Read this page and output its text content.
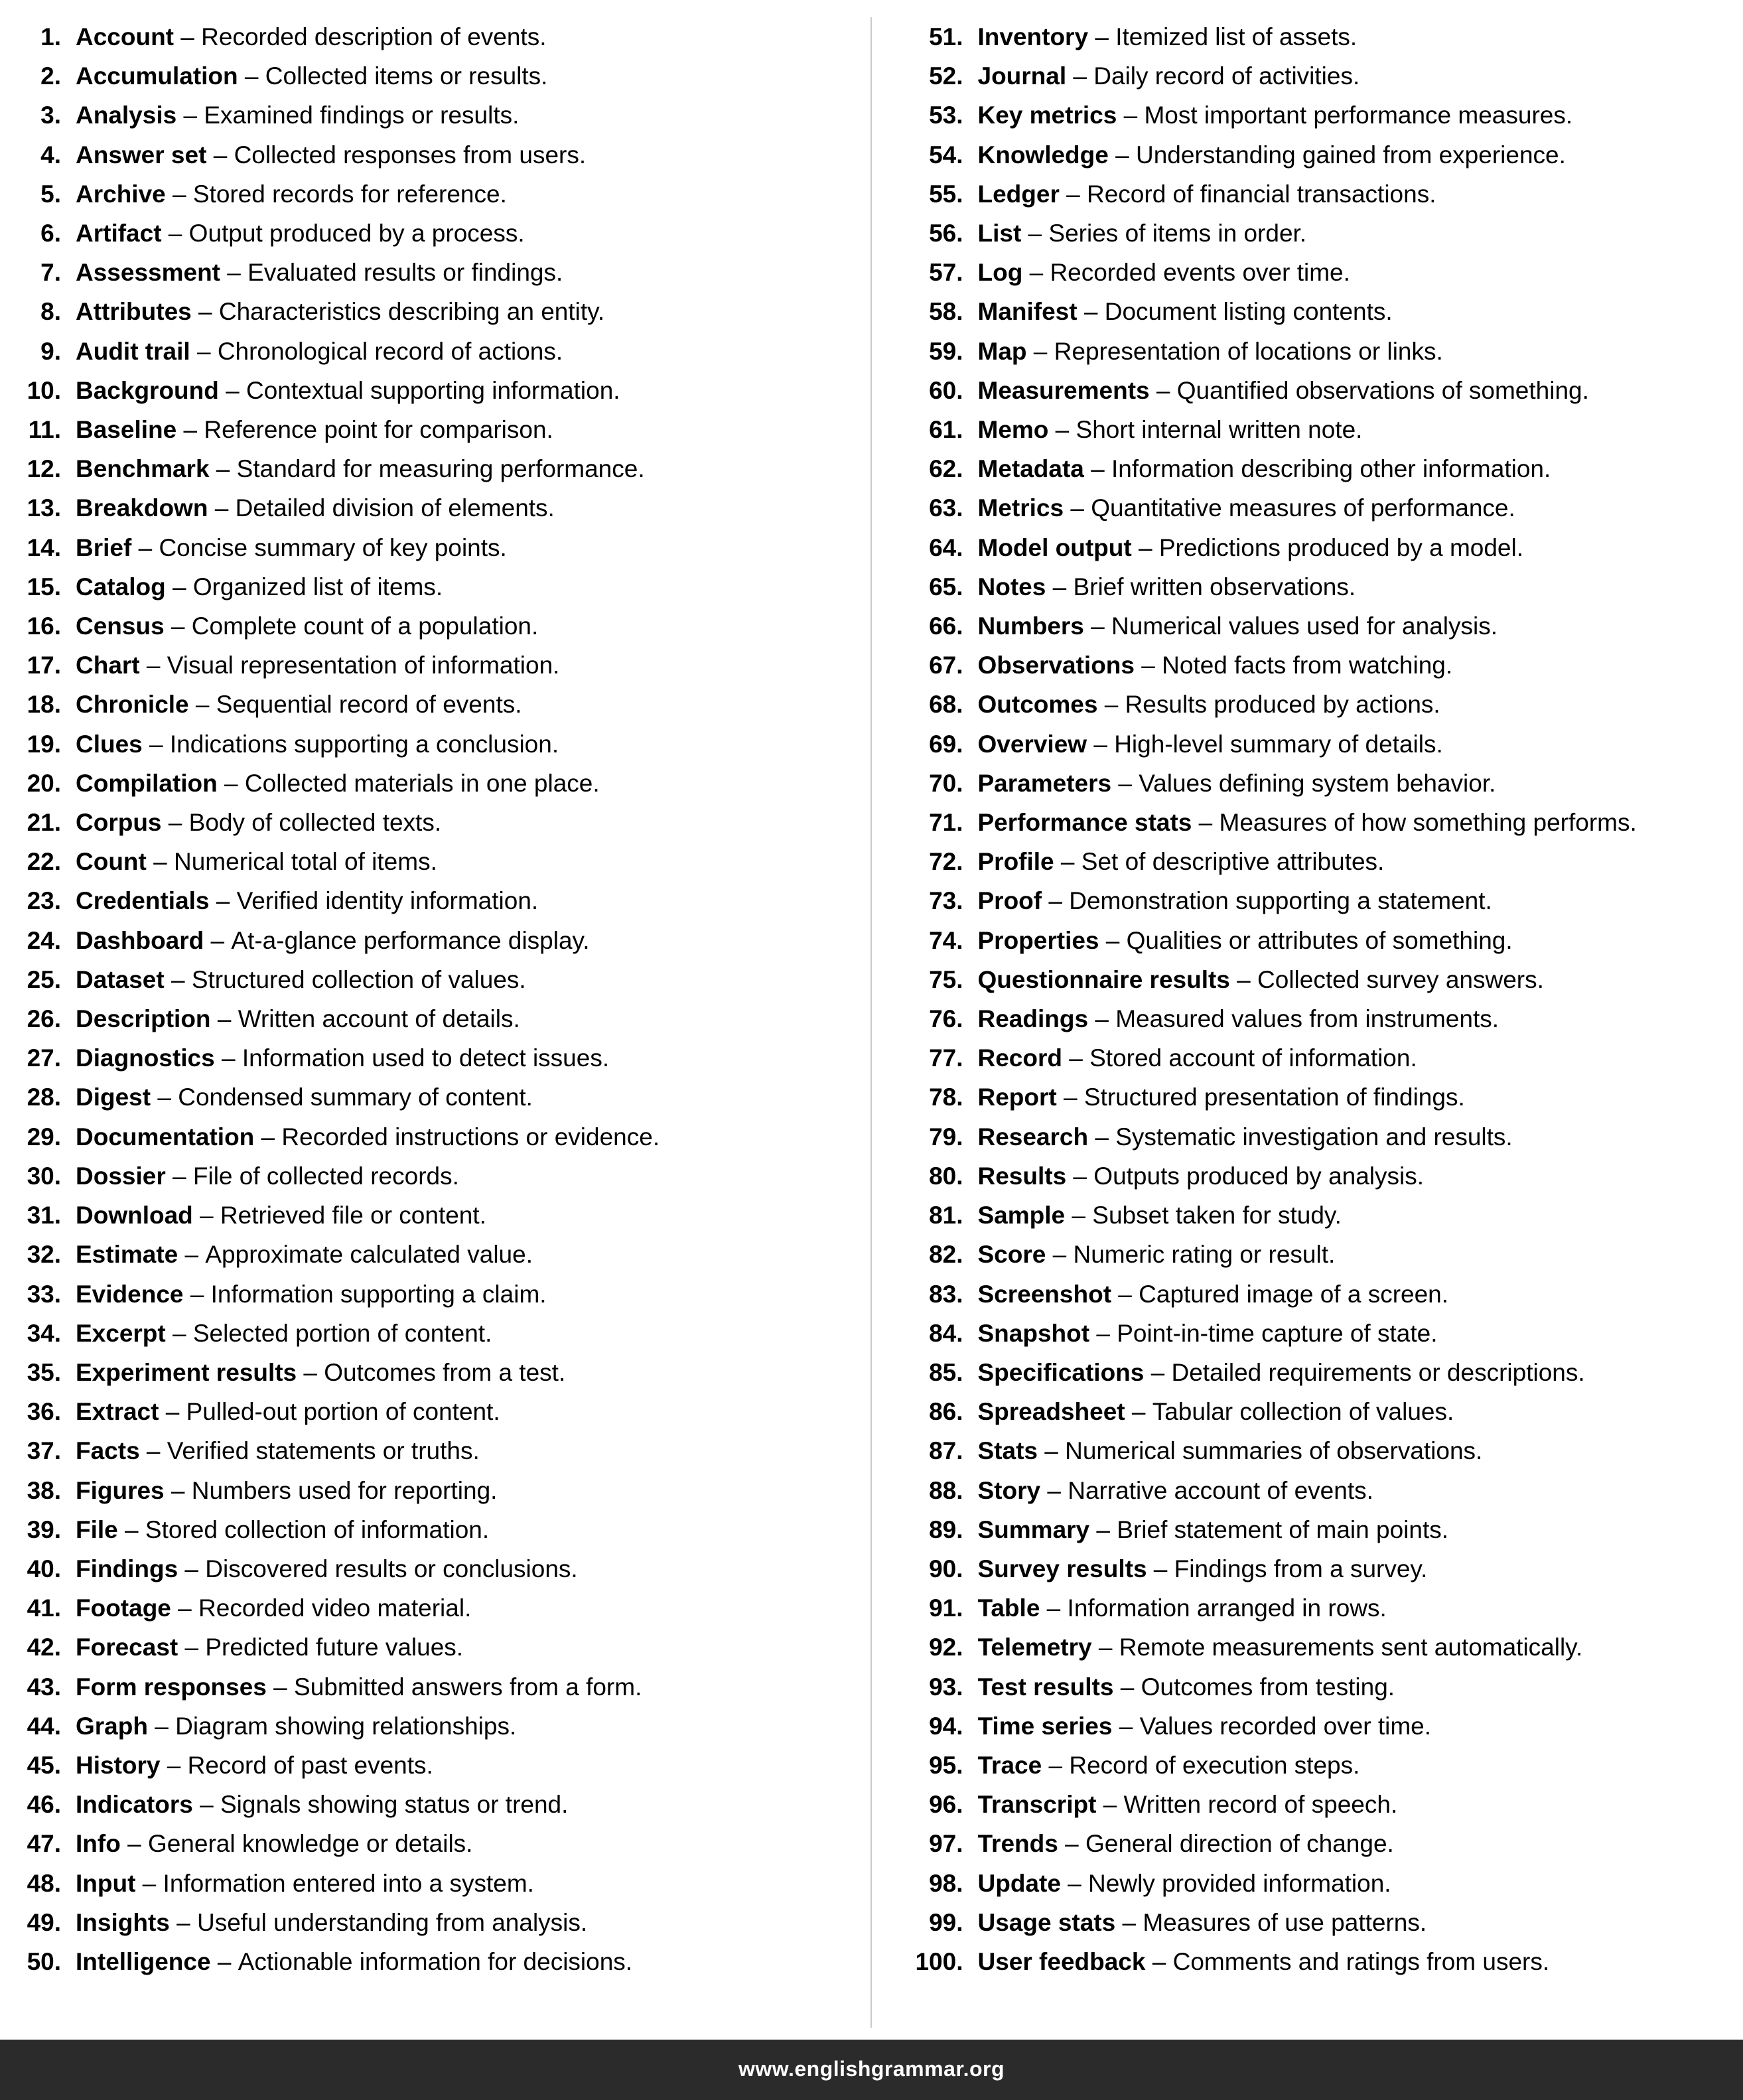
1. Account – Recorded description of events.
2. Accumulation – Collected items or results.
3. Analysis – Examined findings or results.
4. Answer set – Collected responses from users.
5. Archive – Stored records for reference.
6. Artifact – Output produced by a process.
7. Assessment – Evaluated results or findings.
8. Attributes – Characteristics describing an entity.
9. Audit trail – Chronological record of actions.
10. Background – Contextual supporting information.
11. Baseline – Reference point for comparison.
12. Benchmark – Standard for measuring performance.
13. Breakdown – Detailed division of elements.
14. Brief – Concise summary of key points.
15. Catalog – Organized list of items.
16. Census – Complete count of a population.
17. Chart – Visual representation of information.
18. Chronicle – Sequential record of events.
19. Clues – Indications supporting a conclusion.
20. Compilation – Collected materials in one place.
21. Corpus – Body of collected texts.
22. Count – Numerical total of items.
23. Credentials – Verified identity information.
24. Dashboard – At-a-glance performance display.
25. Dataset – Structured collection of values.
26. Description – Written account of details.
27. Diagnostics – Information used to detect issues.
28. Digest – Condensed summary of content.
29. Documentation – Recorded instructions or evidence.
30. Dossier – File of collected records.
31. Download – Retrieved file or content.
32. Estimate – Approximate calculated value.
33. Evidence – Information supporting a claim.
34. Excerpt – Selected portion of content.
35. Experiment results – Outcomes from a test.
36. Extract – Pulled-out portion of content.
37. Facts – Verified statements or truths.
38. Figures – Numbers used for reporting.
39. File – Stored collection of information.
40. Findings – Discovered results or conclusions.
41. Footage – Recorded video material.
42. Forecast – Predicted future values.
43. Form responses – Submitted answers from a form.
44. Graph – Diagram showing relationships.
45. History – Record of past events.
46. Indicators – Signals showing status or trend.
47. Info – General knowledge or details.
48. Input – Information entered into a system.
49. Insights – Useful understanding from analysis.
50. Intelligence – Actionable information for decisions.
51. Inventory – Itemized list of assets.
52. Journal – Daily record of activities.
53. Key metrics – Most important performance measures.
54. Knowledge – Understanding gained from experience.
55. Ledger – Record of financial transactions.
56. List – Series of items in order.
57. Log – Recorded events over time.
58. Manifest – Document listing contents.
59. Map – Representation of locations or links.
60. Measurements – Quantified observations of something.
61. Memo – Short internal written note.
62. Metadata – Information describing other information.
63. Metrics – Quantitative measures of performance.
64. Model output – Predictions produced by a model.
65. Notes – Brief written observations.
66. Numbers – Numerical values used for analysis.
67. Observations – Noted facts from watching.
68. Outcomes – Results produced by actions.
69. Overview – High-level summary of details.
70. Parameters – Values defining system behavior.
71. Performance stats – Measures of how something performs.
72. Profile – Set of descriptive attributes.
73. Proof – Demonstration supporting a statement.
74. Properties – Qualities or attributes of something.
75. Questionnaire results – Collected survey answers.
76. Readings – Measured values from instruments.
77. Record – Stored account of information.
78. Report – Structured presentation of findings.
79. Research – Systematic investigation and results.
80. Results – Outputs produced by analysis.
81. Sample – Subset taken for study.
82. Score – Numeric rating or result.
83. Screenshot – Captured image of a screen.
84. Snapshot – Point-in-time capture of state.
85. Specifications – Detailed requirements or descriptions.
86. Spreadsheet – Tabular collection of values.
87. Stats – Numerical summaries of observations.
88. Story – Narrative account of events.
89. Summary – Brief statement of main points.
90. Survey results – Findings from a survey.
91. Table – Information arranged in rows.
92. Telemetry – Remote measurements sent automatically.
93. Test results – Outcomes from testing.
94. Time series – Values recorded over time.
95. Trace – Record of execution steps.
96. Transcript – Written record of speech.
97. Trends – General direction of change.
98. Update – Newly provided information.
99. Usage stats – Measures of use patterns.
100. User feedback – Comments and ratings from users.
www.englishgrammar.org
